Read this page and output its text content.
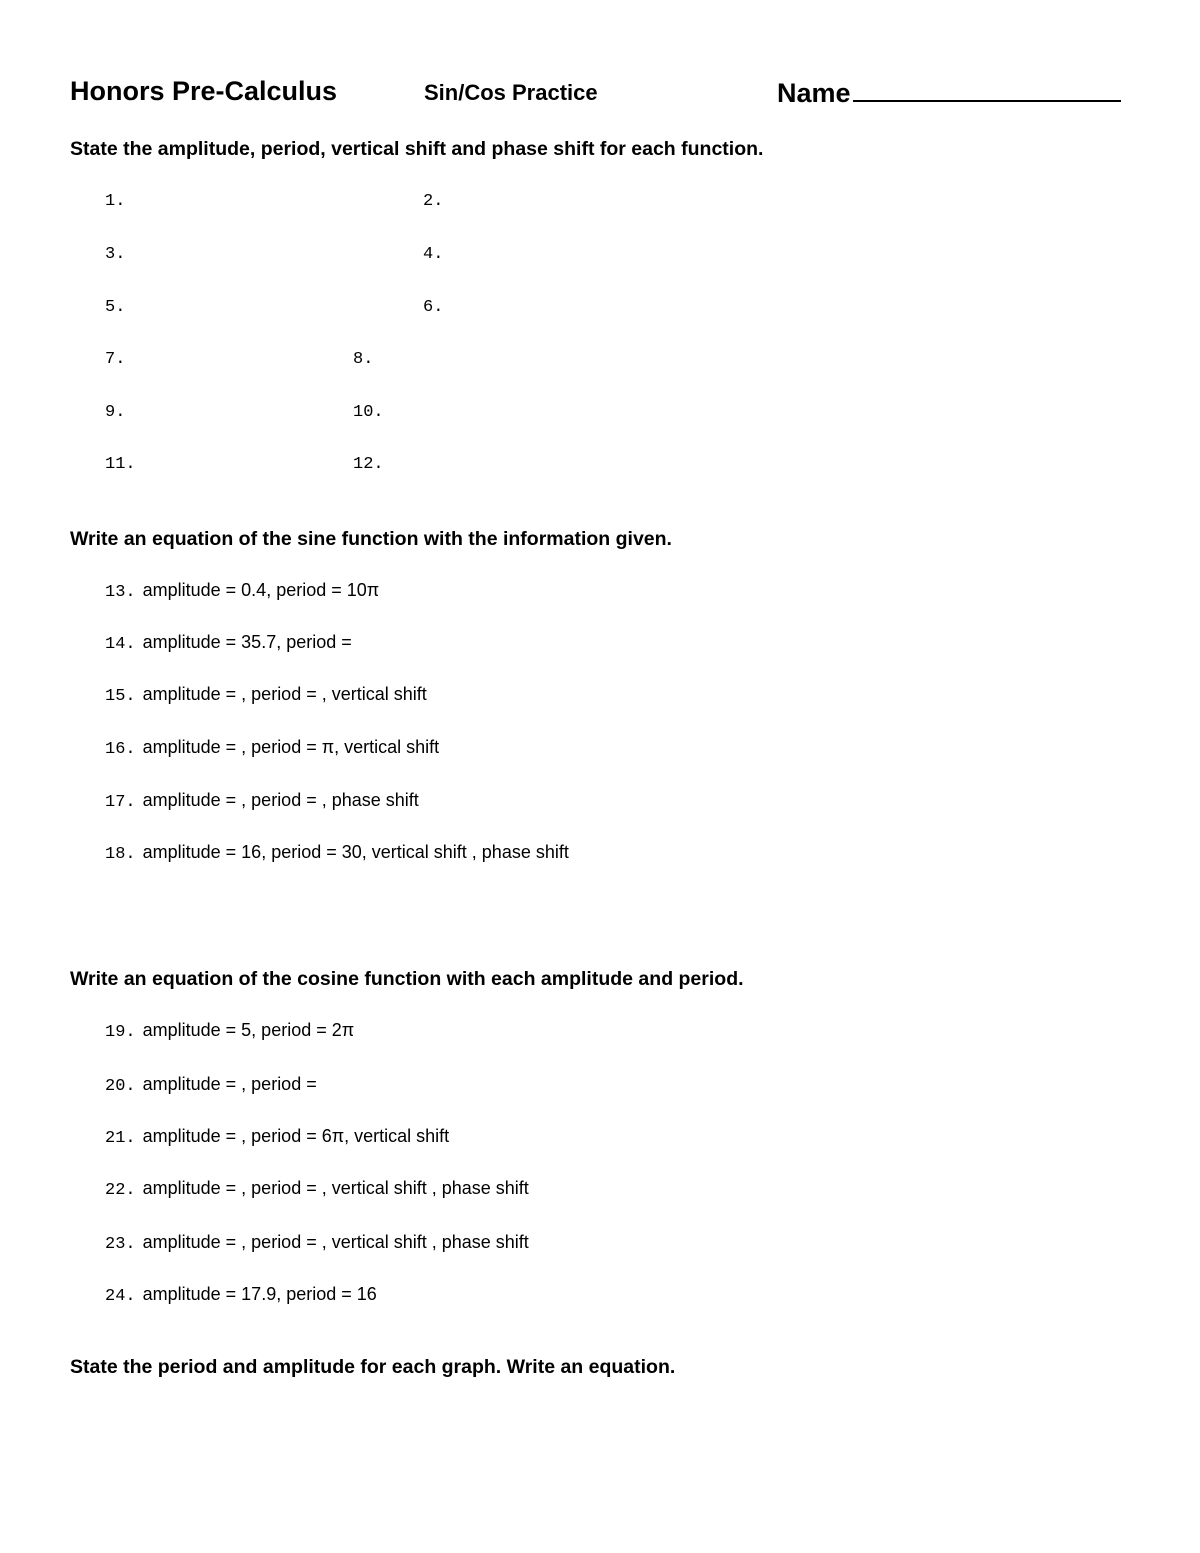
Honors Pre-Calculus	Sin/Cos Practice	Name
State the amplitude, period, vertical shift and phase shift for each function.
1.	2.
3.	4.
5.	6.
7.	8.
9.	10.
11.	12.
Write an equation of the sine function with the information given.
13. amplitude = 0.4, period = 10π
14. amplitude = 35.7, period =
15. amplitude = , period = , vertical shift
16. amplitude = , period = π, vertical shift
17. amplitude = , period = , phase shift
18. amplitude = 16, period = 30, vertical shift , phase shift
Write an equation of the cosine function with each amplitude and period.
19. amplitude = 5, period = 2π
20. amplitude = , period =
21. amplitude = , period = 6π, vertical shift
22. amplitude = , period = , vertical shift , phase shift
23. amplitude = , period = , vertical shift , phase shift
24. amplitude = 17.9, period = 16
State the period and amplitude for each graph. Write an equation.
